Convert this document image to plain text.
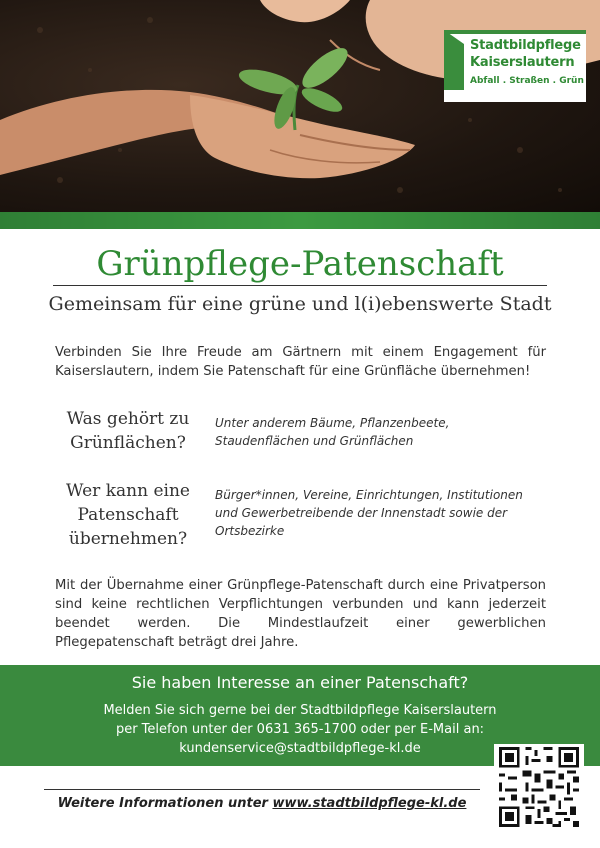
Stadtbildpflege
Kaiserslautern
Abfall . Straßen . Grün
Grünpflege-Patenschaft
Gemeinsam für eine grüne und l(i)ebenswerte Stadt
Verbinden Sie Ihre Freude am Gärtnern mit einem Engagement für Kaiserslautern, indem Sie Patenschaft für eine Grünfläche übernehmen!
Was gehört zu
Grünflächen?
Unter anderem Bäume, Pflanzenbeete,
Staudenflächen und Grünflächen
Wer kann eine
Patenschaft
übernehmen?
Bürger*innen, Vereine, Einrichtungen, Institutionen
und Gewerbetreibende der Innenstadt sowie der
Ortsbezirke
Mit der Übernahme einer Grünpflege-Patenschaft durch eine Privatperson sind keine rechtlichen Verpflichtungen verbunden und kann jederzeit beendet werden. Die Mindestlaufzeit einer gewerblichen Pflegepatenschaft beträgt drei Jahre.
Sie haben Interesse an einer Patenschaft?
Melden Sie sich gerne bei der Stadtbildpflege Kaiserslautern
per Telefon unter der 0631 365-1700 oder per E-Mail an:
kundenservice@stadtbildpflege-kl.de
Weitere Informationen unter www.stadtbildpflege-kl.de
